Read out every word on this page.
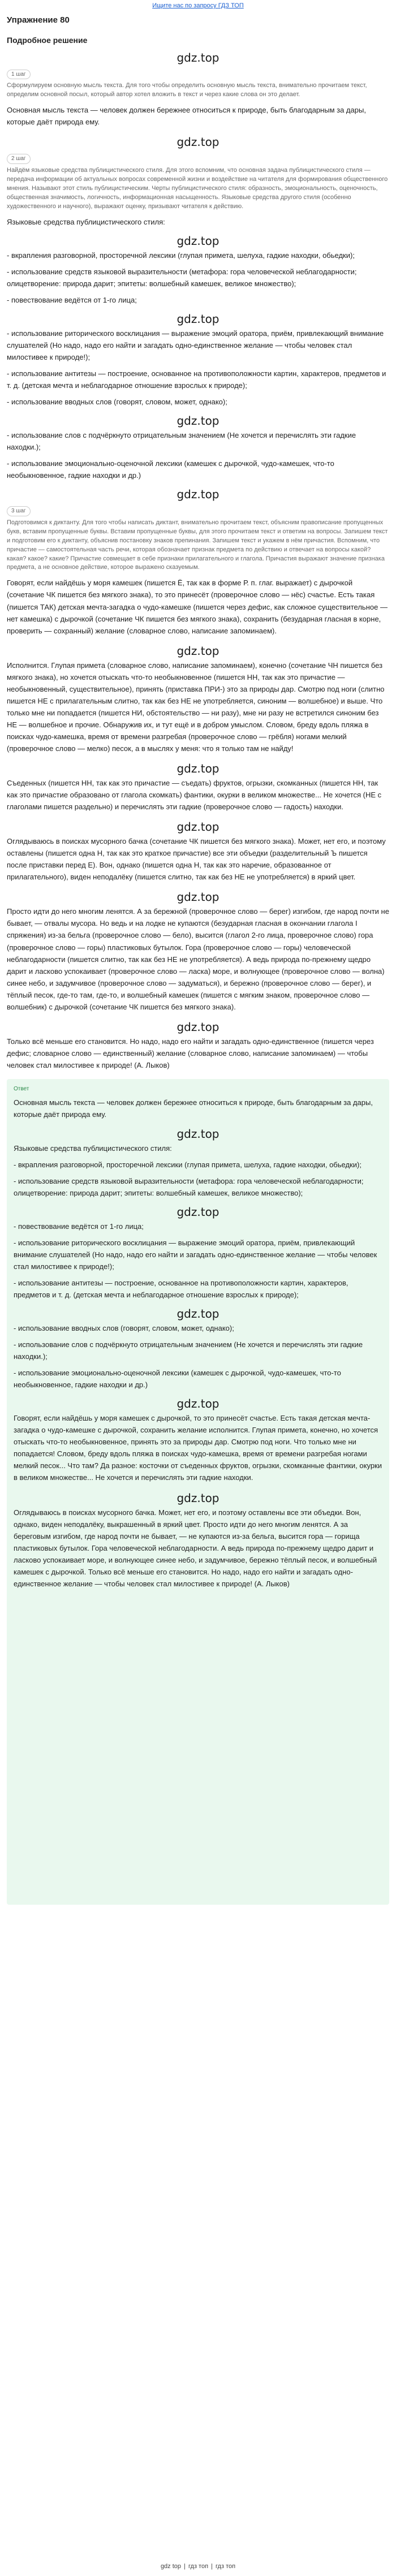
Ищите нас по запросу ГДЗ ТОП
Упражнение 80
Подробное решение
gdz.top
1 шаг
Сформулируем основную мысль текста. Для того чтобы определить основную мысль текста, внимательно прочитаем текст, определим основной посыл, который автор хотел вложить в текст и через какие слова он это делает.

Основная мысль текста — человек должен бережнее относиться к природе, быть благодарным за дары, которые даёт природа ему.

gdz.top
2 шаг
Найдём языковые средства публицистического стиля. Для этого вспомним, что основная задача публицистического стиля — передача информации об актуальных вопросах современной жизни и воздействие на читателя для формирования общественного мнения. Называют этот стиль публицистическим. Черты публицистического стиля: образность, эмоциональность, оценочность, общественная значимость, логичность, информационная насыщенность. Языковые средства другого стиля (особенно художественного и научного), выражают оценку, призывают читателя к действию.

Языковые средства публицистического стиля:

gdz.top

- вкрапления разговорной, просторечной лексики (глупая примета, шелуха, гадкие находки, обьедки);

- использование средств языковой выразительности (метафора: гора человеческой неблагодарности; олицетворение: природа дарит; эпитеты: волшебный камешек, великое множество);

- повествование ведётся от 1-го лица;

gdz.top

- использование риторического восклицания — выражение эмоций оратора, приём, привлекающий внимание слушателей (Но надо, надо его найти и загадать одно-единственное желание — чтобы человек стал милостивее к природе!);

- использование антитезы — построение, основанное на противоположности картин, характеров, предметов и т. д. (детская мечта и неблагодарное отношение взрослых к природе);

- использование вводных слов (говорят, словом, может, однако);

gdz.top

- использование слов с подчёркнуто отрицательным значением (Не хочется и перечислять эти гадкие находки.);

- использование эмоционально-оценочной лексики (камешек с дырочкой, чудо-камешек, что-то необыкновенное, гадкие находки и др.)

gdz.top
3 шаг
Подготовимся к диктанту. Для того чтобы написать диктант, внимательно прочитаем текст, объясним правописание пропущенных букв, вставим пропущенные буквы. Вставим пропущенные буквы, для этого прочитаем текст и ответим на вопросы. Запишем текст и подготовим его к диктанту, объяснив постановку знаков препинания. Запишем текст и укажем в нём причастия. Вспомним, что причастие — самостоятельная часть речи, которая обозначает признак предмета по действию и отвечает на вопросы какой? какая? какое? какие? Причастие совмещает в себе признаки прилагательного и глагола. Причастия выражают значение признака предмета, а не основное действие, которое выражено сказуемым.

Говорят, если найдёшь у моря камешек (пишется Ё, так как в форме Р. п. глаг. выражает) с дырочкой (сочетание ЧК пишется без мягкого знака), то это принесёт (проверочное слово — нёс) счастье. Есть такая (пишется ТАК) детская мечта-загадка о чудо-камешке (пишется через дефис, как сложное существительное — нет камешка) с дырочкой (сочетание ЧК пишется без мягкого знака), сохранить (безударная гласная в корне, проверить — сохранный) желание (словарное слово, написание запоминаем).

gdz.top

Исполнится. Глупая примета (словарное слово, написание запоминаем), конечно (сочетание ЧН пишется без мягкого знака), но хочется отыскать что-то необыкновенное (пишется НН, так как это причастие — необыкновенный, существительное), принять (приставка ПРИ-) это за природы дар. Смотрю под ноги (слитно пишется НЕ с прилагательным слитно, так как без НЕ не употребляется, синоним — волшебное) и выше. Что только мне ни попадается (пишется НИ, обстоятельство — ни разу), мне ни разу не встретился синоним без НЕ — волшебное и прочие. Обнаружив их, и тут ещё и в добром умыслом. Словом, бреду вдоль пляжа в поисках чудо-камешка, время от времени разгребая (проверочное слово — грёбля) ногами мелкий (проверочное слово — мелко) песок, а в мыслях у меня: что я только там не найду!

gdz.top

Съеденных (пишется НН, так как это причастие — съедать) фруктов, огрызки, скомканных (пишется НН, так как это причастие образовано от глагола скомкать) фантики, окурки в великом множестве... Не хочется (НЕ с глаголами пишется раздельно) и перечислять эти гадкие (проверочное слово — гадость) находки.

gdz.top

Оглядываюсь в поисках мусорного бачка (сочетание ЧК пишется без мягкого знака). Может, нет его, и поэтому оставлены (пишется одна Н, так как это краткое причастие) все эти объедки (разделительный Ъ пишется после приставки перед Е). Вон, однако (пишется одна Н, так как это наречие, образованное от прилагательного), виден неподалёку (пишется слитно, так как без НЕ не употребляется) в яркий цвет.

gdz.top

Просто идти до него многим ленятся. А за бережной (проверочное слово — берег) изгибом, где народ почти не бывает, — отвалы мусора. Но ведь и на лодке не купаются (безударная гласная в окончании глагола I спряжения) из-за бельга (проверочное слово — бело), высится (глагол 2-го лица, проверочное слово) гора (проверочное слово — горы) пластиковых бутылок. Гора (проверочное слово — горы) человеческой неблагодарности (пишется слитно, так как без НЕ не употребляется). А ведь природа по-прежнему щедро дарит и ласково успокаивает (проверочное слово — ласка) море, и волнующее (проверочное слово — волна) синее небо, и задумчивое (проверочное слово — задуматься), и бережно (проверочное слово — берег), и тёплый песок, где-то там, где-то, и волшебный камешек (пишется с мягким знаком, проверочное слово — волшебник) с дырочкой (сочетание ЧК пишется без мягкого знака).

gdz.top

Только всё меньше его становится. Но надо, надо его найти и загадать одно-единственное (пишется через дефис; словарное слово — единственный) желание (словарное слово, написание запоминаем) — чтобы человек стал милостивее к природе! (А. Лыков)

Ответ

Основная мысль текста — человек должен бережнее относиться к природе, быть благодарным за дары, которые даёт природа ему.

gdz.top

Языковые средства публицистического стиля:

- вкрапления разговорной, просторечной лексики (глупая примета, шелуха, гадкие находки, обьедки);

- использование средств языковой выразительности (метафора: гора человеческой неблагодарности; олицетворение: природа дарит; эпитеты: волшебный камешек, великое множество);

gdz.top

- повествование ведётся от 1-го лица;

- использование риторического восклицания — выражение эмоций оратора, приём, привлекающий внимание слушателей (Но надо, надо его найти и загадать одно-единственное желание — чтобы человек стал милостивее к природе!);

- использование антитезы — построение, основанное на противоположности картин, характеров, предметов и т. д. (детская мечта и неблагодарное отношение взрослых к природе);

gdz.top

- использование вводных слов (говорят, словом, может, однако);

- использование слов с подчёркнуто отрицательным значением (Не хочется и перечислять эти гадкие находки.);

- использование эмоционально-оценочной лексики (камешек с дырочкой, чудо-камешек, что-то необыкновенное, гадкие находки и др.)

gdz.top

Говорят, если найдёшь у моря камешек с дырочкой, то это принесёт счастье. Есть такая детская мечта-загадка о чудо-камешке с дырочкой, сохранить желание исполнится. Глупая примета, конечно, но хочется отыскать что-то необыкновенное, принять это за природы дар. Смотрю под ноги. Что только мне ни попадается! Словом, бреду вдоль пляжа в поисках чудо-камешка, время от времени разгребая ногами мелкий песок... Что там? Да разное: косточки от съеденных фруктов, огрызки, скомканные фантики, окурки в великом множестве... Не хочется и перечислять эти гадкие находки.

gdz.top

Оглядываюсь в поисках мусорного бачка. Может, нет его, и поэтому оставлены все эти объедки. Вон, однако, виден неподалёку, выкрашенный в яркий цвет. Просто идти до него многим ленятся. А за береговым изгибом, где народ почти не бывает, — не купаются из-за бельга, высится гора — горища пластиковых бутылок. Гора человеческой неблагодарности. А ведь природа по-прежнему щедро дарит и ласково успокаивает море, и волнующее синее небо, и задумчивое, бережно тёплый песок, и волшебный камешек с дырочкой. Только всё меньше его становится. Но надо, надо его найти и загадать одно-единственное желание — чтобы человек стал милостивее к природе! (А. Лыков)

gdz top | гдз топ | гдз топ
